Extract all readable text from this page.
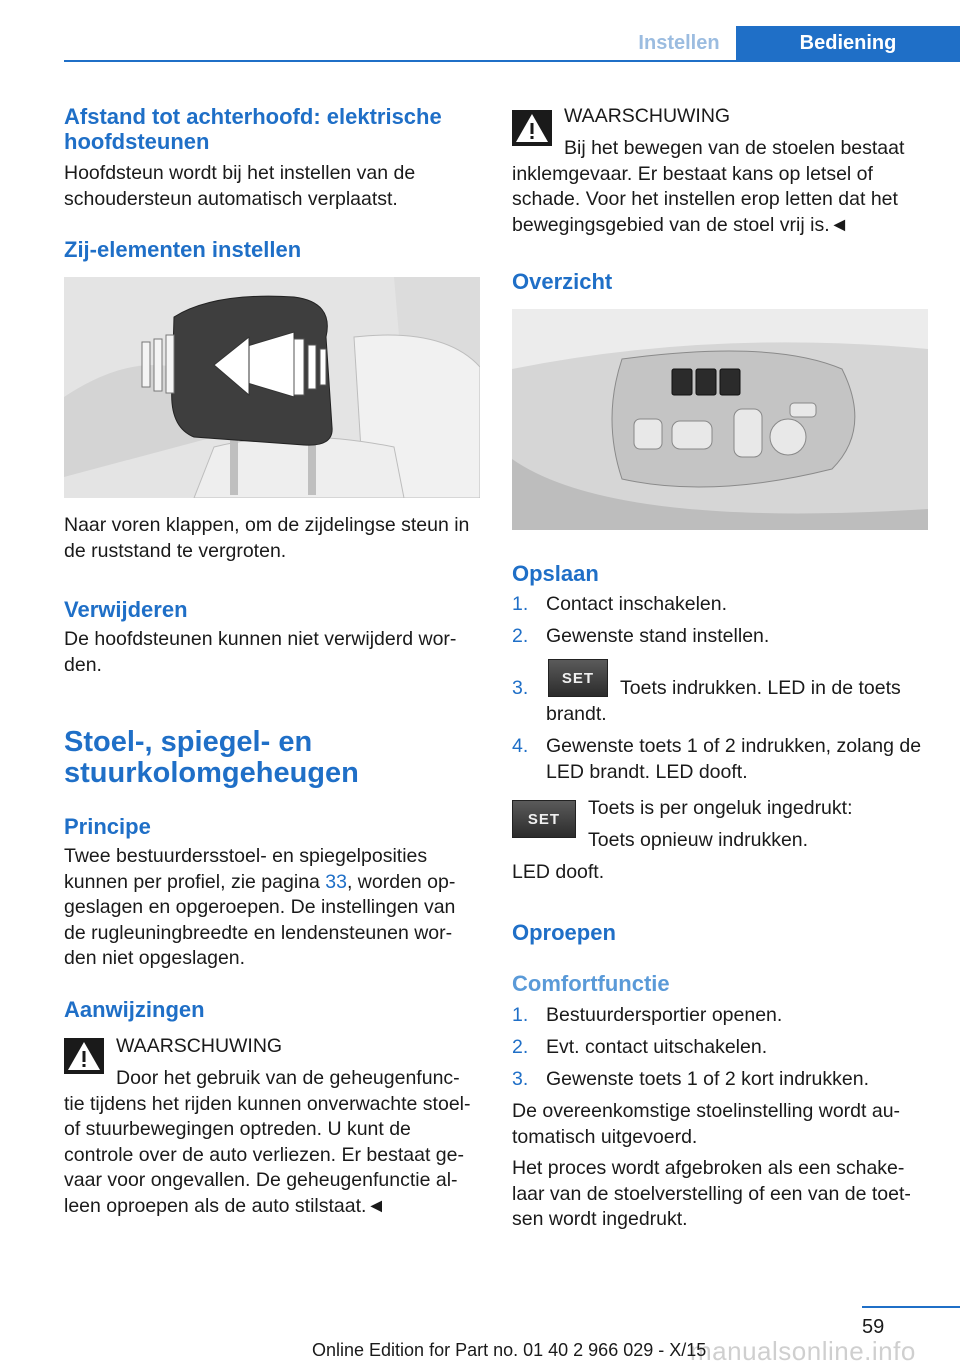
Instellen	Bediening
Afstand tot achterhoofd: elektrische hoofdsteunen
Hoofdsteun wordt bij het instellen van de schoudersteun automatisch verplaatst.
Zij-elementen instellen
Naar voren klappen, om de zijdelingse steun in de ruststand te vergroten.
Verwijderen
De hoofdsteunen kunnen niet verwijderd wor-den.
Stoel-, spiegel- en stuurkolomgeheugen
Principe
Twee bestuurdersstoel- en spiegelposities kunnen per profiel, zie pagina 33, worden op-geslagen en opgeroepen. De instellingen van de rugleuningbreedte en lendensteunen wor-den niet opgeslagen.
Aanwijzingen
WAARSCHUWING
Door het gebruik van de geheugenfunc-tie tijdens het rijden kunnen onverwachte stoel- of stuurbewegingen optreden. U kunt de controle over de auto verliezen. Er bestaat ge-vaar voor ongevallen. De geheugenfunctie al-leen oproepen als de auto stilstaat.◄
WAARSCHUWING
Bij het bewegen van de stoelen bestaat inklemgevaar. Er bestaat kans op letsel of schade. Voor het instellen erop letten dat het bewegingsgebied van de stoel vrij is.◄
Overzicht
Opslaan
1. Contact inschakelen.
2. Gewenste stand instellen.
3.	SET	Toets indrukken. LED in de toets brandt.
4. Gewenste toets 1 of 2 indrukken, zolang de LED brandt. LED dooft.
SET	Toets is per ongeluk ingedrukt:
Toets opnieuw indrukken.
LED dooft.
Oproepen
Comfortfunctie
1. Bestuurdersportier openen.
2. Evt. contact uitschakelen.
3. Gewenste toets 1 of 2 kort indrukken.
De overeenkomstige stoelinstelling wordt au-tomatisch uitgevoerd.
Het proces wordt afgebroken als een schake-laar van de stoelverstelling of een van de toet-sen wordt ingedrukt.
59
manualsonline.info
Online Edition for Part no. 01 40 2 966 029 - X/15
